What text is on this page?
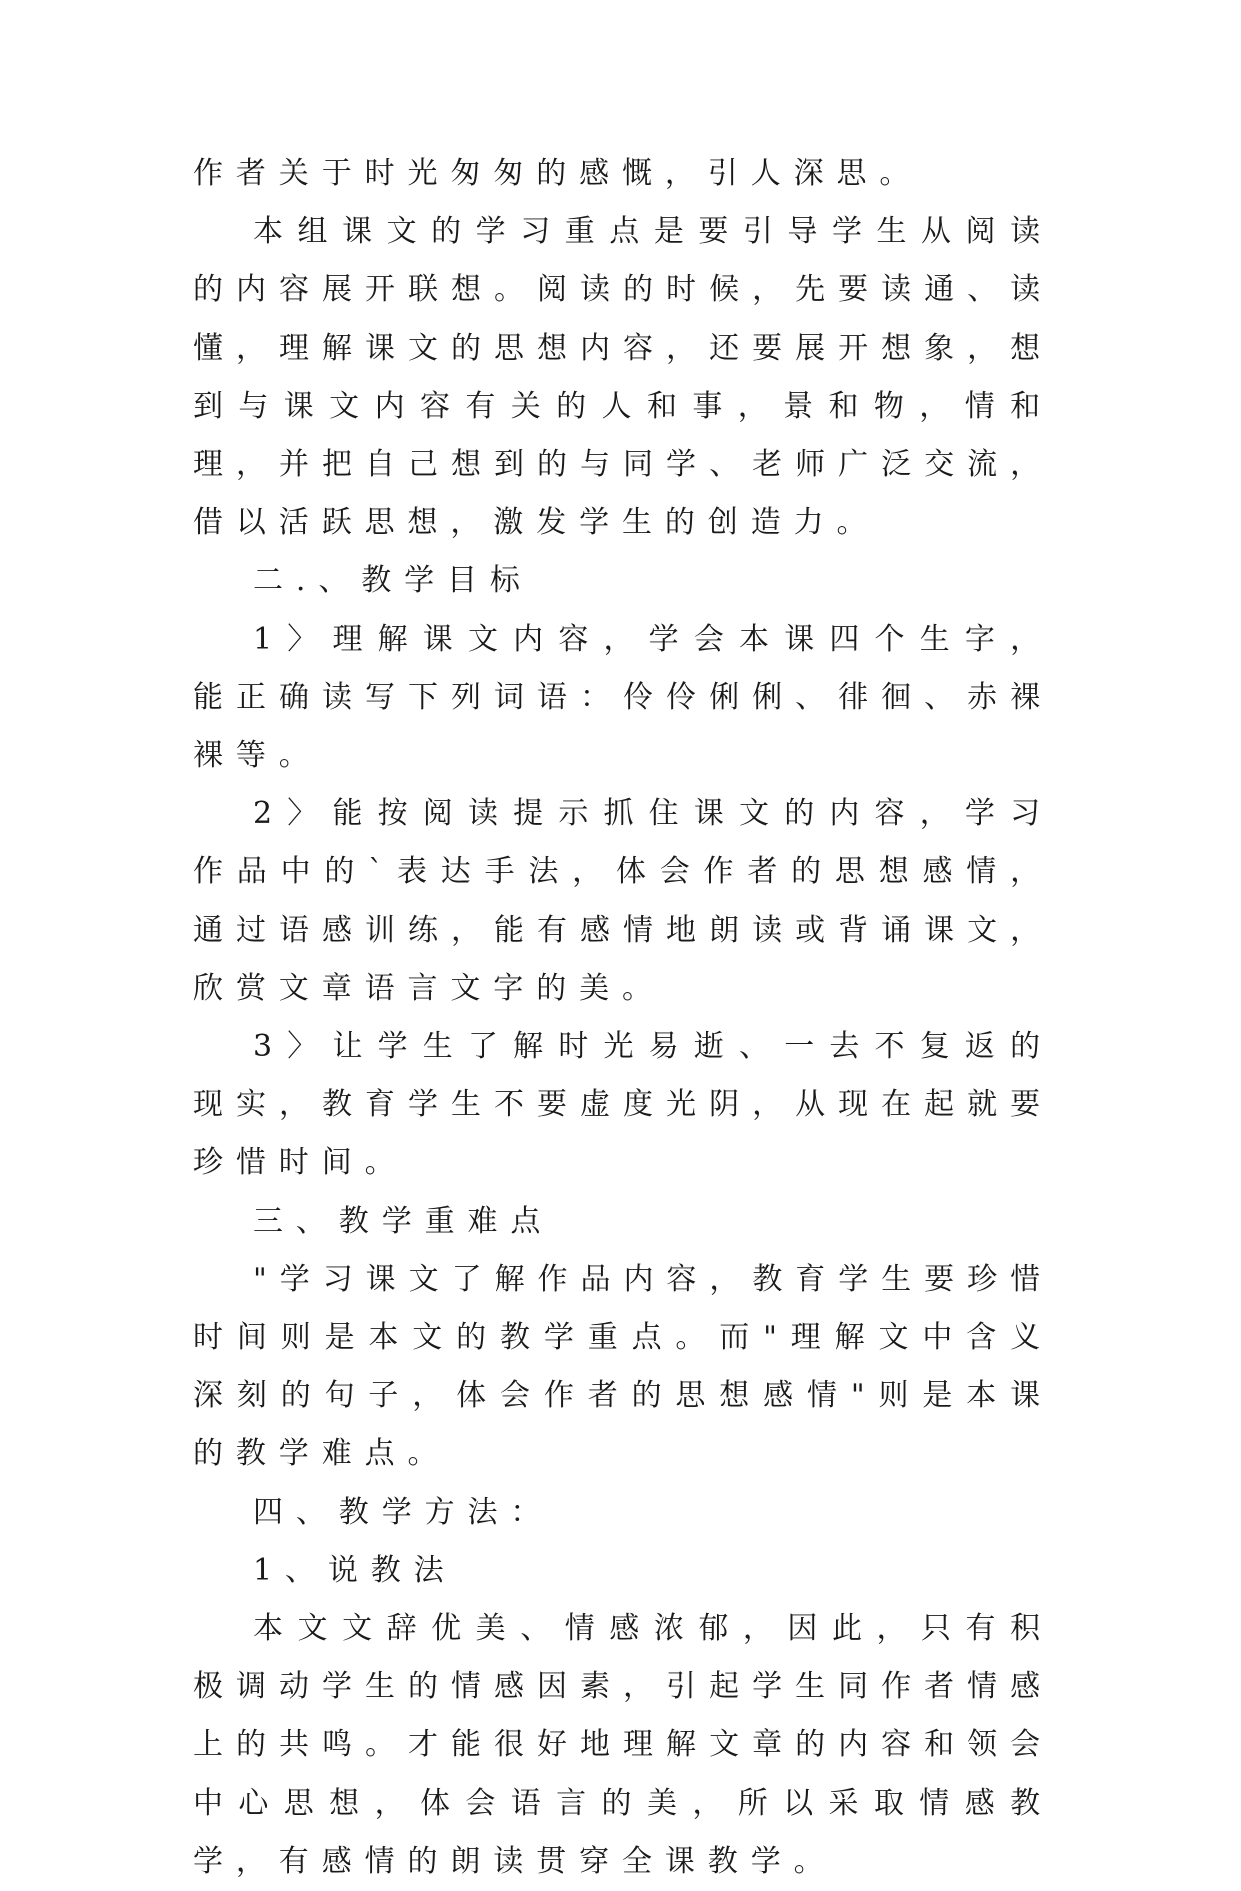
作者关于时光匆匆的感慨，引人深思。

本组课文的学习重点是要引导学生从阅读的内容展开联想。阅读的时候，先要读通、读懂，理解课文的思想内容，还要展开想象，想到与课文内容有关的人和事，景和物，情和理，并把自己想到的与同学、老师广泛交流，借以活跃思想，激发学生的创造力。

二.、教学目标

1〉理解课文内容，学会本课四个生字，能正确读写下列词语：伶伶俐俐、徘徊、赤裸裸等。

2〉能按阅读提示抓住课文的内容，学习作品中的`表达手法，体会作者的思想感情，通过语感训练，能有感情地朗读或背诵课文，欣赏文章语言文字的美。

3〉让学生了解时光易逝、一去不复返的现实，教育学生不要虚度光阴，从现在起就要珍惜时间。

三、教学重难点

"学习课文了解作品内容，教育学生要珍惜时间则是本文的教学重点。而"理解文中含义深刻的句子，体会作者的思想感情"则是本课的教学难点。

四、教学方法：

1、说教法

本文文辞优美、情感浓郁，因此，只有积极调动学生的情感因素，引起学生同作者情感上的共鸣。才能很好地理解文章的内容和领会中心思想，体会语言的美，所以采取情感教学，有感情的朗读贯穿全课教学。
